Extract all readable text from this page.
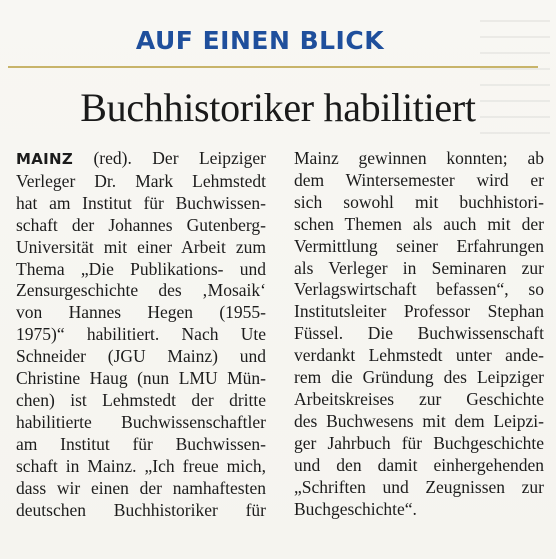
AUF EINEN BLICK
Buchhistoriker habilitiert
MAINZ (red). Der Leipziger
Verleger Dr. Mark Lehmstedt
hat am Institut für Buchwissen-
schaft der Johannes Gutenberg-
Universität mit einer Arbeit zum
Thema „Die Publikations- und
Zensurgeschichte des ‚Mosaik‘
von Hannes Hegen (1955-
1975)“ habilitiert. Nach Ute
Schneider (JGU Mainz) und
Christine Haug (nun LMU Mün-
chen) ist Lehmstedt der dritte
habilitierte Buchwissenschaftler
am Institut für Buchwissen-
schaft in Mainz. „Ich freue mich,
dass wir einen der namhaftesten
deutschen Buchhistoriker für
Mainz gewinnen konnten; ab
dem Wintersemester wird er
sich sowohl mit buchhistori-
schen Themen als auch mit der
Vermittlung seiner Erfahrungen
als Verleger in Seminaren zur
Verlagswirtschaft befassen“, so
Institutsleiter Professor Stephan
Füssel. Die Buchwissenschaft
verdankt Lehmstedt unter ande-
rem die Gründung des Leipziger
Arbeitskreises zur Geschichte
des Buchwesens mit dem Leipzi-
ger Jahrbuch für Buchgeschichte
und den damit einhergehenden
„Schriften und Zeugnissen zur
Buchgeschichte“.
